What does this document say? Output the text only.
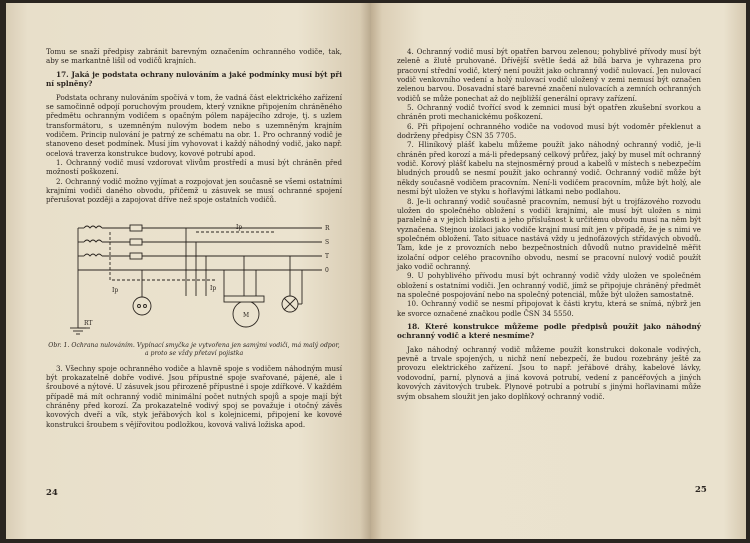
Tomu se snaží předpisy zabránit barevným označením ochranného vodiče, tak, aby se markantně lišil od vodičů krajních.

17. Jaká je podstata ochrany nulováním a jaké podmínky musí být při ní splněny?

Podstata ochrany nulováním spočívá v tom, že vadná část elektrického zařízení se samočinně odpojí poruchovým proudem, který vznikne připojením chráněného předmětu ochranným vodičem s opačným pólem napájecího zdroje, tj. s uzlem transformátoru, s uzemněným nulovým bodem nebo s uzemněným krajním vodičem. Princip nulování je patrný ze schématu na obr. 1. Pro ochranný vodič je stanoveno deset podmínek. Musí jím vyhovovat i každý náhodný vodič, jako např. ocelová traverza konstrukce budovy, kovové potrubí apod.

1. Ochranný vodič musí vzdorovat vlivům prostředí a musí být chráněn před možností poškození.

2. Ochranný vodič možno vyjímat a rozpojovat jen současně se všemi ostatními krajními vodiči daného obvodu, přičemž u zásuvek se musí ochranné spojení přerušovat později a zapojovat dříve než spoje ostatních vodičů.

R
S
T
0
Ip
Ip	Ip
RT
M
Obr. 1. Ochrana nulováním. Vypínací smyčka je vytvořena jen samými vodiči, má malý odpor, a proto se vždy přetaví pojistka

3. Všechny spoje ochranného vodiče a hlavně spoje s vodičem náhodným musí být prokazatelně dobře vodivé. Jsou přípustné spoje svařované, pájené, ale i šroubové a nýtové. U zásuvek jsou přirozeně přípustné i spoje zdířkové. V každém případě má mít ochranný vodič minimální počet nutných spojů a spoje mají být chráněny před korozí. Za prokazatelně vodivý spoj se považuje i otočný závěs kovových dveří a vík, styk jeřábových kol s kolejnicemi, připojení ke kovové konstrukci šroubem s vějířovitou podložkou, kovová valivá ložiska apod.

24

4. Ochranný vodič musí být opatřen barvou zelenou; pohyblivé přívody musí být zeleně a žlutě pruhované. Dřívější světle šedá až bílá barva je vyhrazena pro pracovní střední vodič, který není použit jako ochranný vodič nulovací. Jen nulovací vodič venkovního vedení a holý nulovací vodič uložený v zemi nemusí být označen zelenou barvou. Dosavadní staré barevné značení nulovacích a zemních ochranných vodičů se může ponechat až do nejbližší generální opravy zařízení.

5. Ochranný vodič tvořící svod k zemnici musí být opatřen zkušební svorkou a chráněn proti mechanickému poškození.

6. Při připojení ochranného vodiče na vodovod musí být vodoměr překlenut a dodrženy předpisy ČSN 35 7705.

7. Hliníkový plášť kabelu můžeme použít jako náhodný ochranný vodič, je-li chráněn před korozí a má-li předepsaný celkový průřez, jaký by musel mít ochranný vodič. Korový plášť kabelu na stejnosměrný proud a kabelů v místech s nebezpečím bludných proudů se nesmí použít jako ochranný vodič. Ochranný vodič může být někdy současně vodičem pracovním. Není-li vodičem pracovním, může být holý, ale nesmí být uložen ve styku s hořlavými látkami nebo podlahou.

8. Je-li ochranný vodič současně pracovním, nemusí být u trojfázového rozvodu uložen do společného obložení s vodiči krajními, ale musí být uložen s nimi paralelně a v jejich blízkosti a jeho příslušnost k určitému obvodu musí na něm být vyznačena. Stejnou izolaci jako vodiče krajní musí mít jen v případě, že je s nimi ve společném obložení. Tato situace nastává vždy u jednofázových střídavých obvodů. Tam, kde je z provozních nebo bezpečnostních důvodů nutno pravidelně měřit izolační odpor celého pracovního obvodu, nesmí se pracovní nulový vodič použít jako vodič ochranný.

9. U pohyblivého přívodu musí být ochranný vodič vždy uložen ve společném obložení s ostatními vodiči. Jen ochranný vodič, jímž se připojuje chráněný předmět na společné pospojování nebo na společný potenciál, může být uložen samostatně.

10. Ochranný vodič se nesmí připojovat k části krytu, která se snímá, nýbrž jen ke svorce označené značkou podle ČSN 34 5550.

18. Které konstrukce můžeme podle předpisů použít jako náhodný ochranný vodič a které nesmíme?

Jako náhodný ochranný vodič můžeme použít konstrukci dokonale vodivých, pevně a trvale spojených, u nichž není nebezpečí, že budou rozebrány ještě za provozu elektrického zařízení. Jsou to např. jeřábové dráhy, kabelové lávky, vodovodní, parní, plynová a jiná kovová potrubí, vedení z pancéřových a jiných kovových závitových trubek. Plynové potrubí a potrubí s jinými hořlavinami může svým obsahem sloužit jen jako doplňkový ochranný vodič.

25
